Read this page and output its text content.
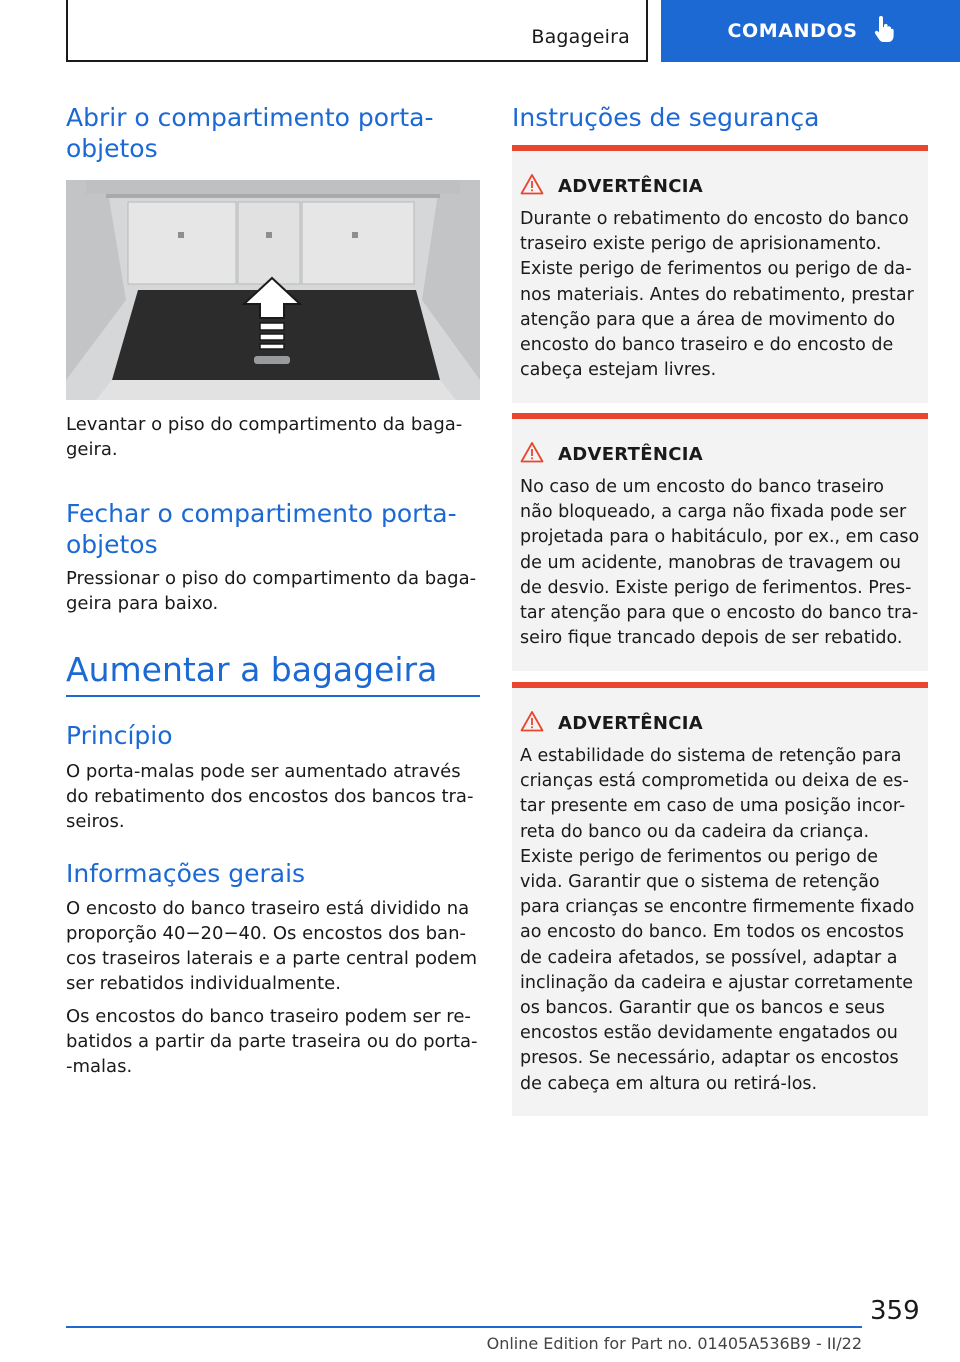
Bagageira	COMANDOS
Abrir o compartimento porta-
objetos

Levantar o piso do compartimento da baga-
geira.

Fechar o compartimento porta-
objetos

Pressionar o piso do compartimento da baga-
geira para baixo.

Aumentar a bagageira
Princípio

O porta-malas pode ser aumentado através
do rebatimento dos encostos dos bancos tra-
seiros.

Informações gerais

O encosto do banco traseiro está dividido na
proporção 40−20−40. Os encostos dos ban-
cos traseiros laterais e a parte central podem
ser rebatidos individualmente.

Os encostos do banco traseiro podem ser re-
batidos a partir da parte traseira ou do porta-
-malas.

Instruções de segurança
ADVERTÊNCIA
Durante o rebatimento do encosto do banco
traseiro existe perigo de aprisionamento.
Existe perigo de ferimentos ou perigo de da-
nos materiais. Antes do rebatimento, prestar
atenção para que a área de movimento do
encosto do banco traseiro e do encosto de
cabeça estejam livres.
ADVERTÊNCIA
No caso de um encosto do banco traseiro
não bloqueado, a carga não fixada pode ser
projetada para o habitáculo, por ex., em caso
de um acidente, manobras de travagem ou
de desvio. Existe perigo de ferimentos. Pres-
tar atenção para que o encosto do banco tra-
seiro fique trancado depois de ser rebatido.
ADVERTÊNCIA
A estabilidade do sistema de retenção para
crianças está comprometida ou deixa de es-
tar presente em caso de uma posição incor-
reta do banco ou da cadeira da criança.
Existe perigo de ferimentos ou perigo de
vida. Garantir que o sistema de retenção
para crianças se encontre firmemente fixado
ao encosto do banco. Em todos os encostos
de cadeira afetados, se possível, adaptar a
inclinação da cadeira e ajustar corretamente
os bancos. Garantir que os bancos e seus
encostos estão devidamente engatados ou
presos. Se necessário, adaptar os encostos
de cabeça em altura ou retirá-los.
359
Online Edition for Part no. 01405A536B9 - II/22
